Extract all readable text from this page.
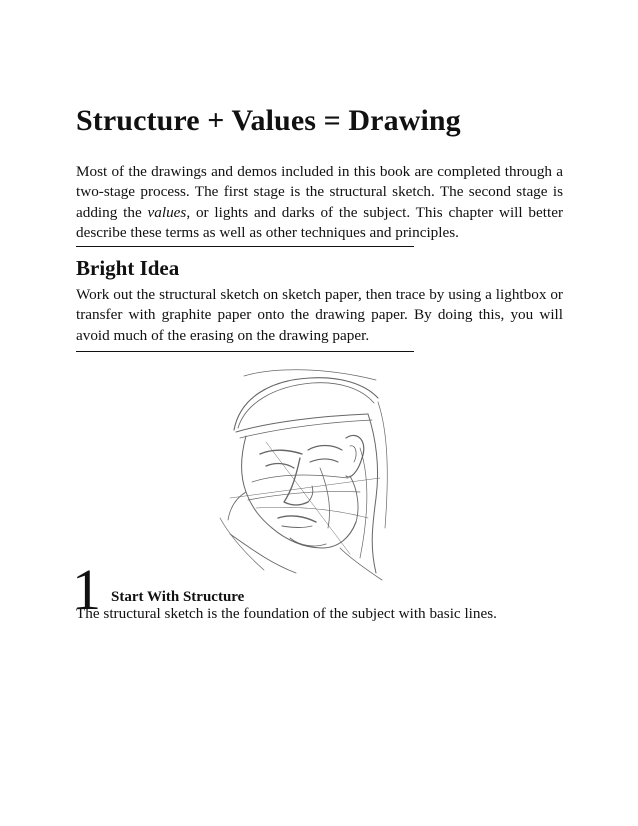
Structure + Values = Drawing

Most of the drawings and demos included in this book are completed through a two-stage process. The first stage is the structural sketch. The second stage is adding the values, or lights and darks of the subject. This chapter will better describe these terms as well as other techniques and principles.

Bright Idea

Work out the structural sketch on sketch paper, then trace by using a lightbox or transfer with graphite paper onto the drawing paper. By doing this, you will avoid much of the erasing on the drawing paper.

1 Start With Structure

The structural sketch is the foundation of the subject with basic lines.
